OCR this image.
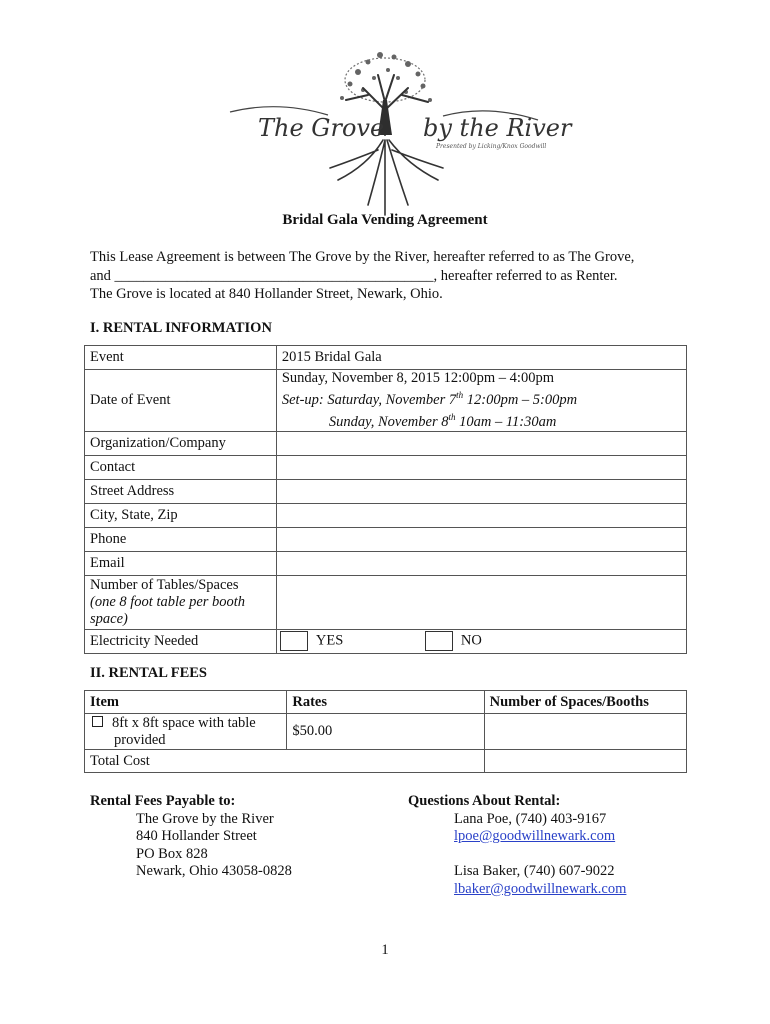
The Grove by the River
Presented by Licking/Knox Goodwill
Bridal Gala Vending Agreement
This Lease Agreement is between The Grove by the River, hereafter referred to as The Grove,
and ____________________________________________, hereafter referred to as Renter.
The Grove is located at 840 Hollander Street, Newark, Ohio.
I. RENTAL INFORMATION
Event	2015 Bridal Gala
Date of Event	Sunday, November 8, 2015 12:00pm – 4:00pm
Set-up: Saturday, November 7th 12:00pm – 5:00pm
Sunday, November 8th 10am – 11:30am

Organization/Company	
Contact	
Street Address	
City, State, Zip	
Phone	
Email	

Number of Tables/Spaces
(one 8 foot table per booth
space)	

Electricity Needed	YES NO
II. RENTAL FEES
Item	Rates	Number of Spaces/Booths

8ft x 8ft space with table
provided	$50.00	
Total Cost		
Rental Fees Payable to:
The Grove by the River
840 Hollander Street
PO Box 828
Newark, Ohio 43058-0828
Questions About Rental:
Lana Poe, (740) 403-9167
lpoe@goodwillnewark.com
Lisa Baker, (740) 607-9022
lbaker@goodwillnewark.com
1
